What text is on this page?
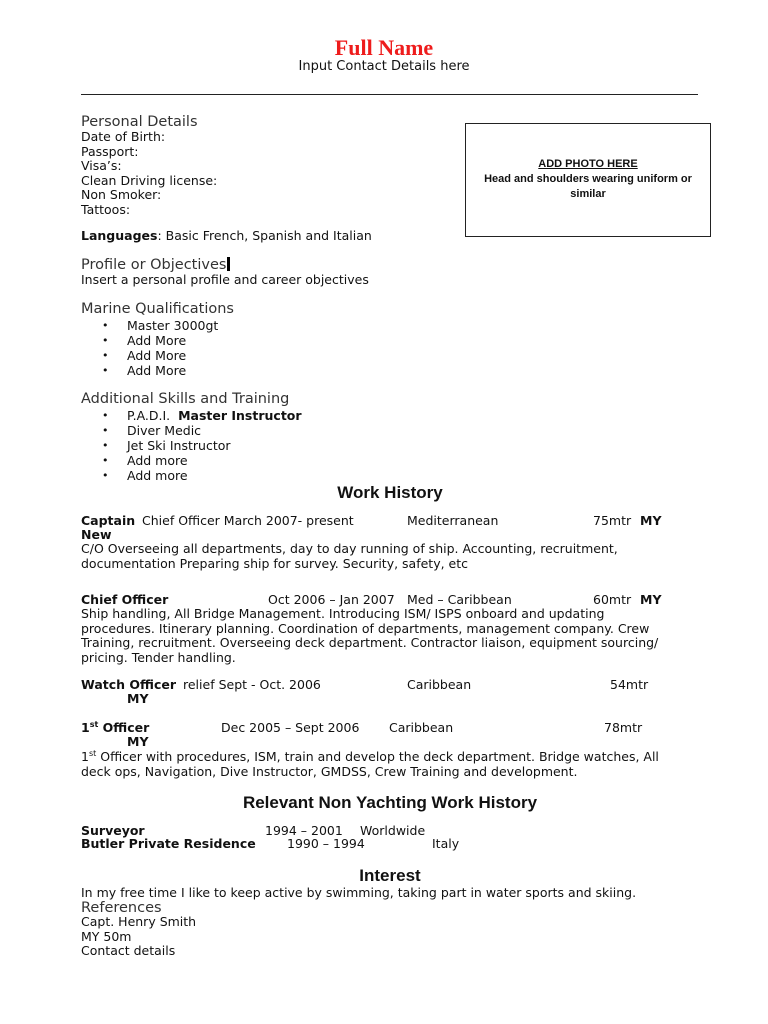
Full Name
Input Contact Details here
Personal Details
Date of Birth:
Passport:
Visa’s:
Clean Driving license:
Non Smoker:
Tattoos:
Languages: Basic French, Spanish and Italian
ADD PHOTO HERE
Head and shoulders wearing uniform or
similar
Profile or Objectives
Insert a personal profile and career objectives
Marine Qualifications
• Master 3000gt
• Add More
• Add More
• Add More
Additional Skills and Training
• P.A.D.I. Master Instructor
• Diver Medic
• Jet Ski Instructor
• Add more
• Add more
Work History
Captain Chief Officer March 2007- present	Mediterranean	75mtr MY
New
C/O Overseeing all departments, day to day running of ship. Accounting, recruitment,
documentation Preparing ship for survey. Security, safety, etc
Chief Officer	Oct 2006 – Jan 2007 Med – Caribbean	60mtr MY
Ship handling, All Bridge Management. Introducing ISM/ ISPS onboard and updating
procedures. Itinerary planning. Coordination of departments, management company. Crew
Training, recruitment. Overseeing deck department. Contractor liaison, equipment sourcing/
pricing. Tender handling.
Watch Officer relief Sept - Oct. 2006	Caribbean	54mtr
MY
1st Officer	Dec 2005 – Sept 2006 Caribbean	78mtr
MY
1st Officer with procedures, ISM, train and develop the deck department. Bridge watches, All
deck ops, Navigation, Dive Instructor, GMDSS, Crew Training and development.
Relevant Non Yachting Work History
Surveyor	1994 – 2001 Worldwide
Butler Private Residence	1990 – 1994	Italy
Interest
In my free time I like to keep active by swimming, taking part in water sports and skiing.
References
Capt. Henry Smith
MY 50m
Contact details
